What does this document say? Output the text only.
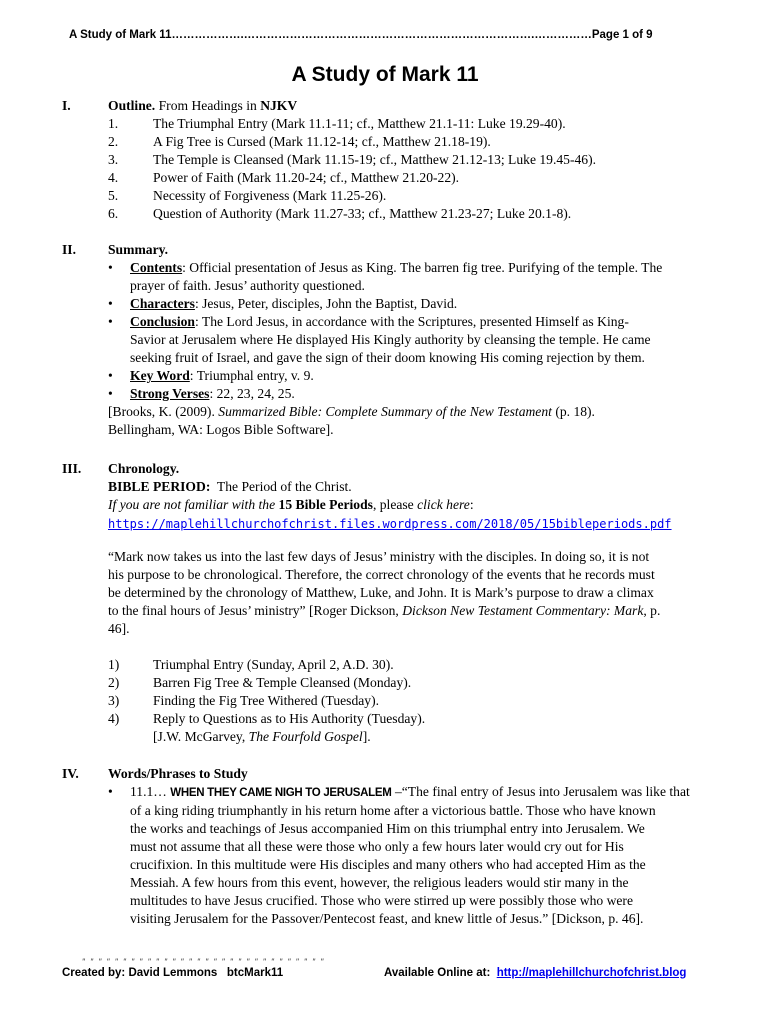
A Study of Mark 11……………….………………………………………………………………….……………Page 1 of 9
A Study of Mark 11
I.	Outline. From Headings in NJKV
1.	The Triumphal Entry (Mark 11.1-11; cf., Matthew 21.1-11: Luke 19.29-40).
2.	A Fig Tree is Cursed (Mark 11.12-14; cf., Matthew 21.18-19).
3.	The Temple is Cleansed (Mark 11.15-19; cf., Matthew 21.12-13; Luke 19.45-46).
4.	Power of Faith (Mark 11.20-24; cf., Matthew 21.20-22).
5.	Necessity of Forgiveness (Mark 11.25-26).
6.	Question of Authority (Mark 11.27-33; cf., Matthew 21.23-27; Luke 20.1-8).
II. Summary.
•	Contents: Official presentation of Jesus as King. The barren fig tree. Purifying of the temple. The
prayer of faith. Jesus’ authority questioned.
•	Characters: Jesus, Peter, disciples, John the Baptist, David.
•	Conclusion: The Lord Jesus, in accordance with the Scriptures, presented Himself as King-
Savior at Jerusalem where He displayed His Kingly authority by cleansing the temple. He came
seeking fruit of Israel, and gave the sign of their doom knowing His coming rejection by them.
•	Key Word: Triumphal entry, v. 9.
•	Strong Verses: 22, 23, 24, 25.
[Brooks, K. (2009). Summarized Bible: Complete Summary of the New Testament (p. 18).
Bellingham, WA: Logos Bible Software].
III. Chronology.
BIBLE PERIOD:  The Period of the Christ.
If you are not familiar with the 15 Bible Periods, please click here:
https://maplehillchurchofchrist.files.wordpress.com/2018/05/15bibleperiods.pdf
“Mark now takes us into the last few days of Jesus’ ministry with the disciples. In doing so, it is not
his purpose to be chronological. Therefore, the correct chronology of the events that he records must
be determined by the chronology of Matthew, Luke, and John. It is Mark’s purpose to draw a climax
to the final hours of Jesus’ ministry” [Roger Dickson, Dickson New Testament Commentary: Mark, p.
46].
1)	Triumphal Entry (Sunday, April 2, A.D. 30).
2)	Barren Fig Tree & Temple Cleansed (Monday).
3)	Finding the Fig Tree Withered (Tuesday).
4)	Reply to Questions as to His Authority (Tuesday).
[J.W. McGarvey, The Fourfold Gospel].
IV. Words/Phrases to Study
•	11.1… WHEN THEY CAME NIGH TO JERUSALEM –“The final entry of Jesus into Jerusalem was like that
of a king riding triumphantly in his return home after a victorious battle. Those who have known
the works and teachings of Jesus accompanied Him on this triumphal entry into Jerusalem. We
must not assume that all these were those who only a few hours later would cry out for His
crucifixion. In this multitude were His disciples and many others who had accepted Him as the
Messiah. A few hours from this event, however, the religious leaders would stir many in the
multitudes to have Jesus crucified. Those who were stirred up were possibly those who were
visiting Jerusalem for the Passover/Pentecost feast, and knew little of Jesus.” [Dickson, p. 46].
ʺ ʺ ʺ ʺ ʺ ʺ ʺ ʺ ʺ ʺ ʺ ʺ ʺ ʺ ʺ ʺ ʺ ʺ ʺ ʺ ʺ ʺ ʺ ʺ ʺ ʺ ʺ ʺ ʺ ʺ
Created by: David Lemmons   btcMark11	Available Online at:  http://maplehillchurchofchrist.blog
